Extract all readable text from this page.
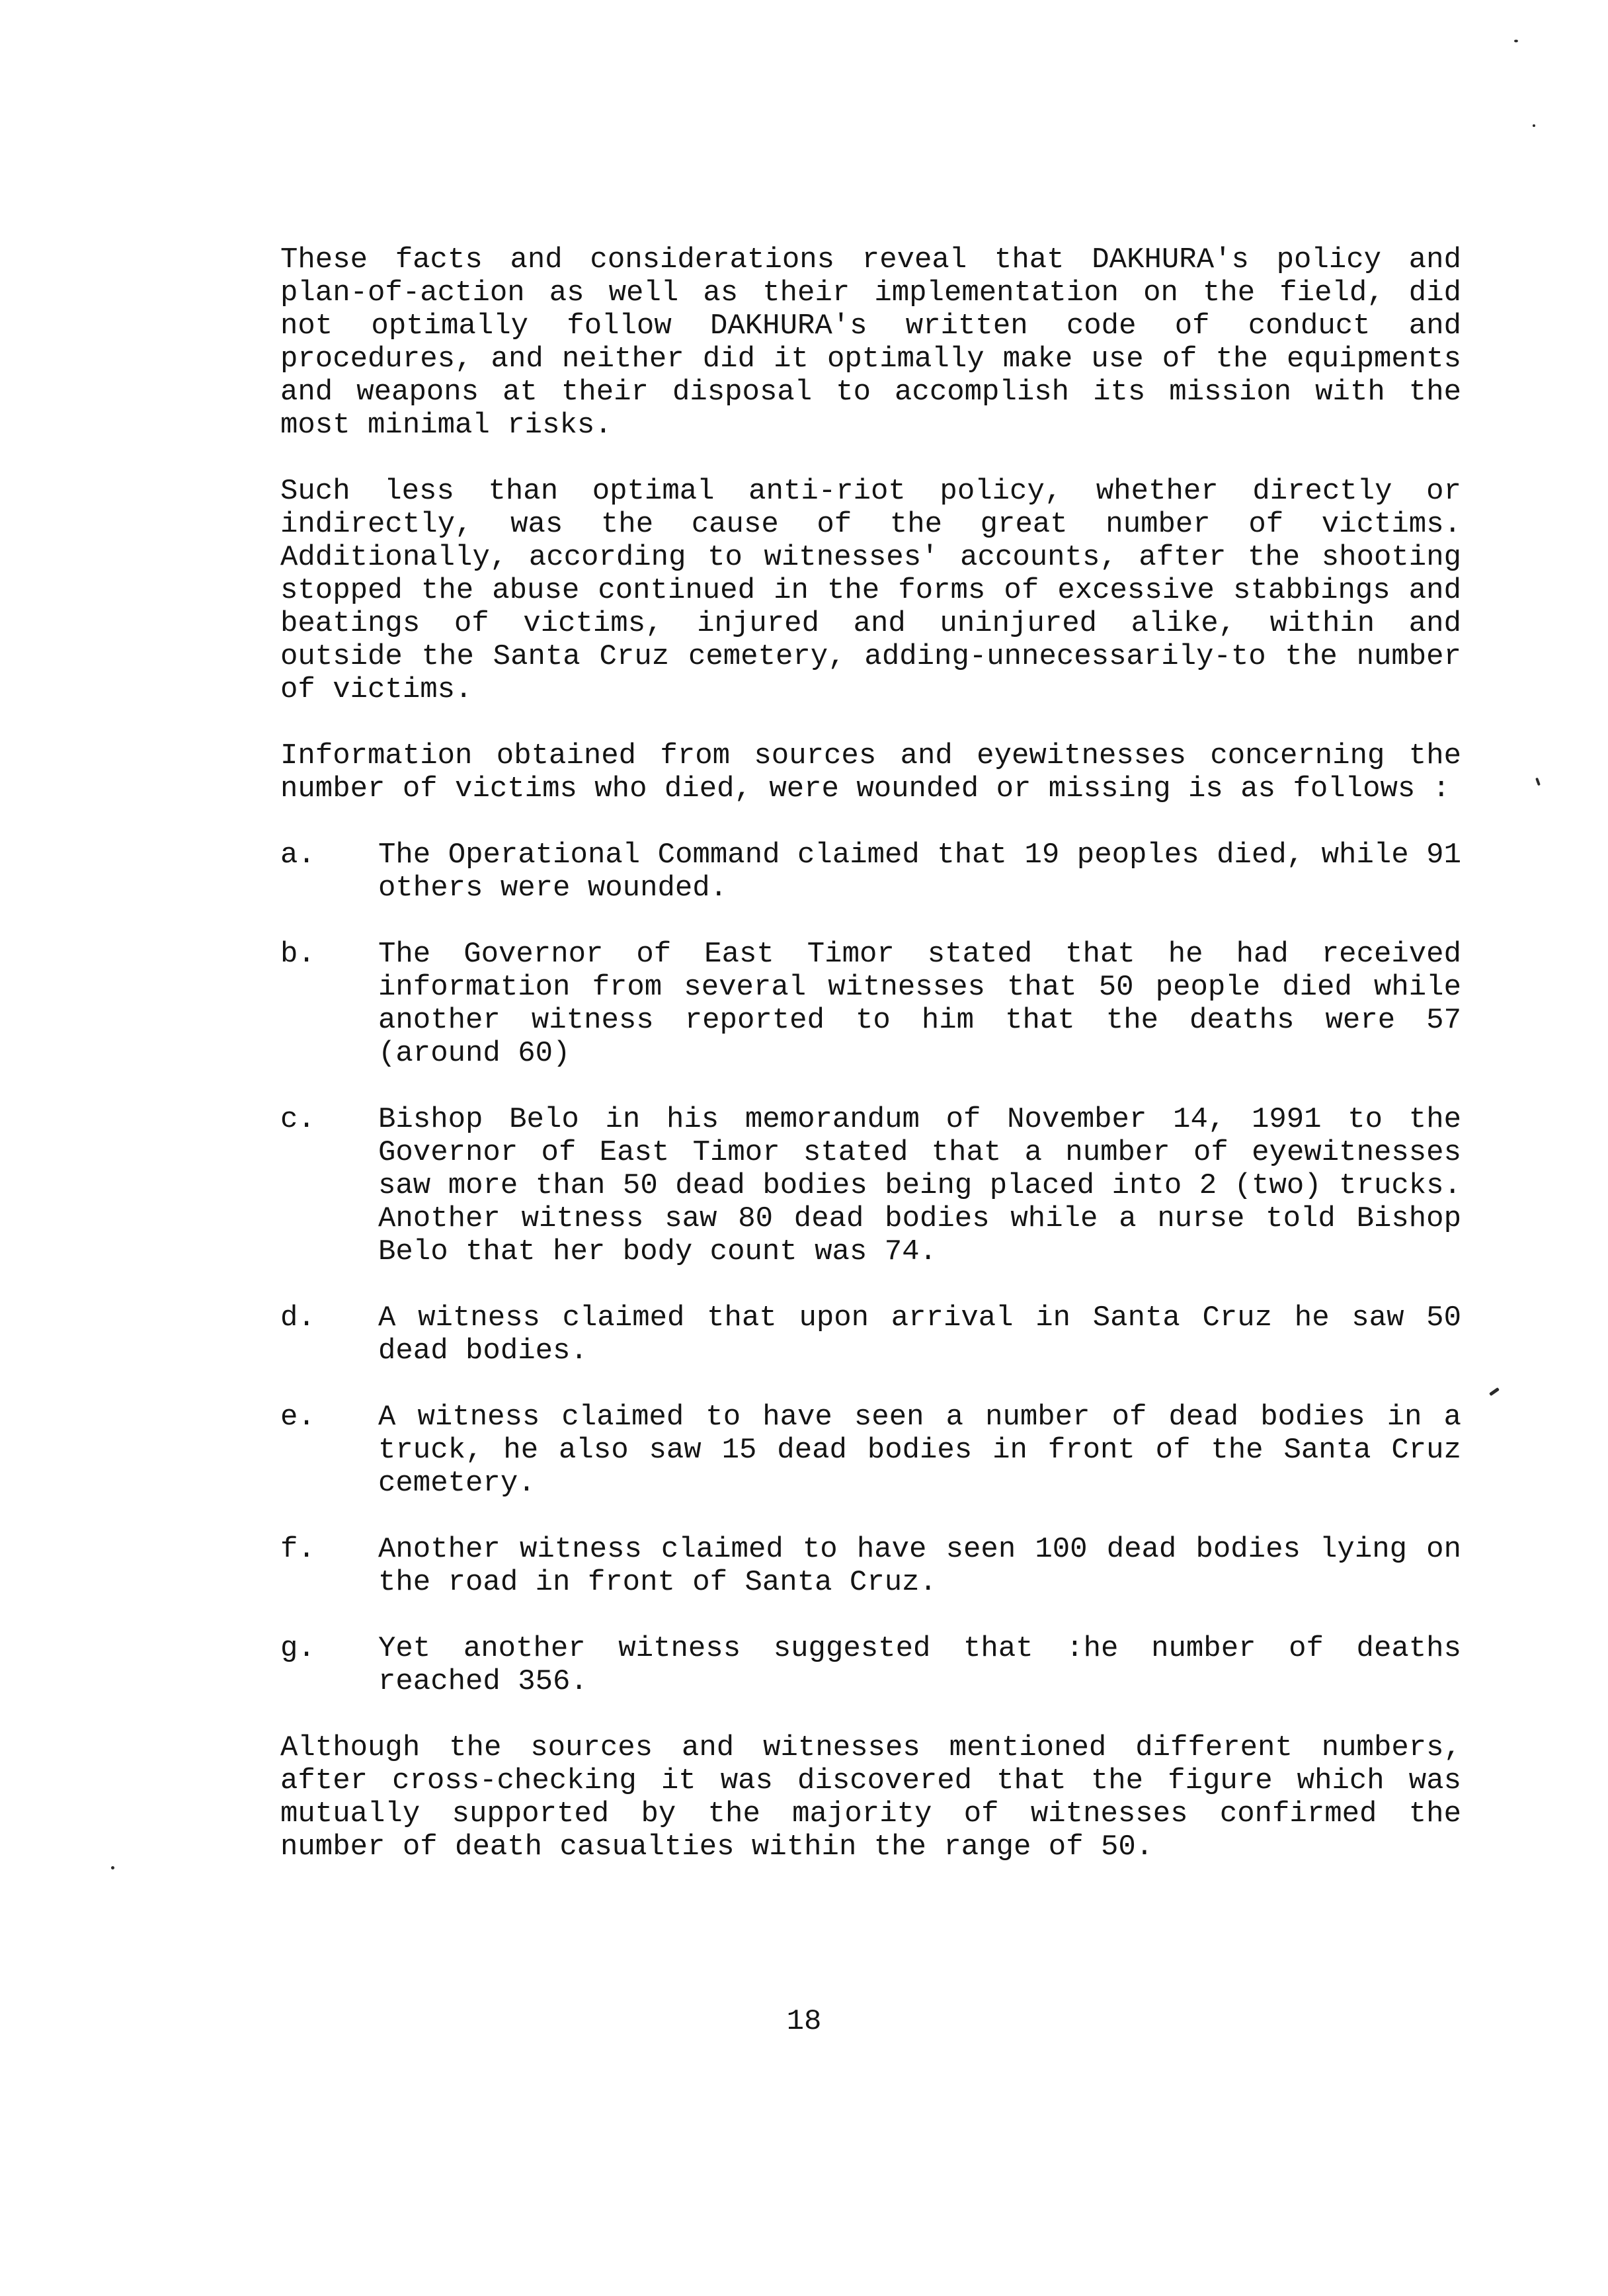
These facts and considerations reveal that DAKHURA's policy and plan-of-action as well as their implementation on the field, did not optimally follow DAKHURA's written code of conduct and procedures, and neither did it optimally make use of the equipments and weapons at their disposal to accomplish its mission with the most minimal risks.

Such less than optimal anti-riot policy, whether directly or indirectly, was the cause of the great number of victims. Additionally, according to witnesses' accounts, after the shooting stopped the abuse continued in the forms of excessive stabbings and beatings of victims, injured and uninjured alike, within and outside the Santa Cruz cemetery, adding-unnecessarily-to the number of victims.

Information obtained from sources and eyewitnesses concerning the number of victims who died, were wounded or missing is as follows :

a.	The Operational Command claimed that 19 peoples died, while 91 others were wounded.
b.	The Governor of East Timor stated that he had received information from several witnesses that 50 people died while another witness reported to him that the deaths were 57 (around 60)
c.	Bishop Belo in his memorandum of November 14, 1991 to the Governor of East Timor stated that a number of eyewitnesses saw more than 50 dead bodies being placed into 2 (two) trucks. Another witness saw 80 dead bodies while a nurse told Bishop Belo that her body count was 74.
d.	A witness claimed that upon arrival in Santa Cruz he saw 50 dead bodies.
e.	A witness claimed to have seen a number of dead bodies in a truck, he also saw 15 dead bodies in front of the Santa Cruz cemetery.
f.	Another witness claimed to have seen 100 dead bodies lying on the road in front of Santa Cruz.
g.	Yet another witness suggested that :he number of deaths reached 356.

Although the sources and witnesses mentioned different numbers, after cross-checking it was discovered that the figure which was mutually supported by the majority of witnesses confirmed the number of death casualties within the range of 50.

18
